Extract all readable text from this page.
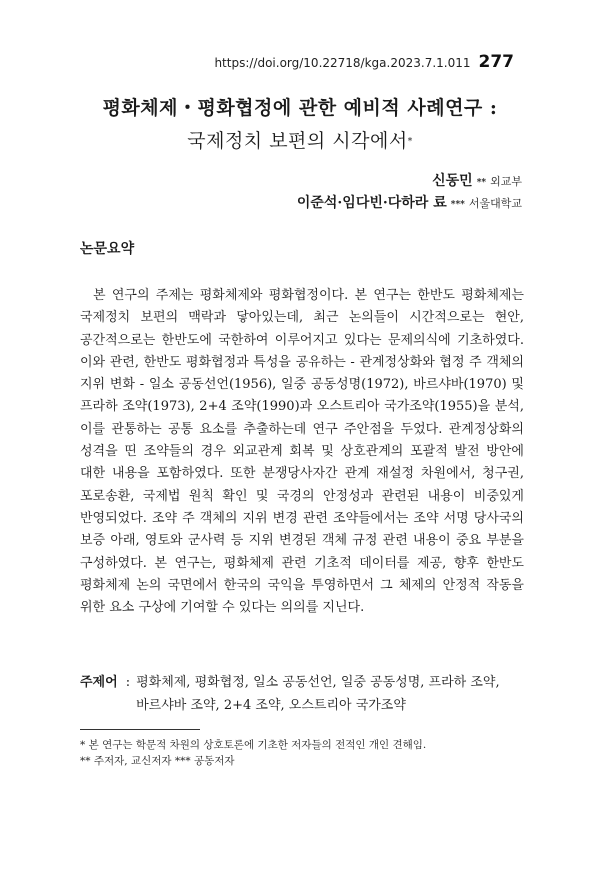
https://doi.org/10.22718/kga.2023.7.1.011 277
평화체제・평화협정에 관한 예비적 사례연구 :
국제정치 보편의 시각에서*
신동민 ** 외교부
이준석·임다빈·다하라 료 *** 서울대학교
논문요약

본 연구의 주제는 평화체제와 평화협정이다. 본 연구는 한반도 평화체제는 국제정치 보편의 맥락과 닿아있는데, 최근 논의들이 시간적으로는 현안, 공간적으로는 한반도에 국한하여 이루어지고 있다는 문제의식에 기초하였다. 이와 관련, 한반도 평화협정과 특성을 공유하는 - 관계정상화와 협정 주 객체의 지위 변화 - 일소 공동선언(1956), 일중 공동성명(1972), 바르샤바(1970) 및 프라하 조약(1973), 2+4 조약(1990)과 오스트리아 국가조약(1955)을 분석, 이를 관통하는 공통 요소를 추출하는데 연구 주안점을 두었다. 관계정상화의 성격을 띤 조약들의 경우 외교관계 회복 및 상호관계의 포괄적 발전 방안에 대한 내용을 포함하였다. 또한 분쟁당사자간 관계 재설정 차원에서, 청구권, 포로송환, 국제법 원칙 확인 및 국경의 안정성과 관련된 내용이 비중있게 반영되었다. 조약 주 객체의 지위 변경 관련 조약들에서는 조약 서명 당사국의 보증 아래, 영토와 군사력 등 지위 변경된 객체 규정 관련 내용이 중요 부분을 구성하였다. 본 연구는, 평화체제 관련 기초적 데이터를 제공, 향후 한반도 평화체제 논의 국면에서 한국의 국익을 투영하면서 그 체제의 안정적 작동을 위한 요소 구상에 기여할 수 있다는 의의를 지닌다.

주제어 : 평화체제, 평화협정, 일소 공동선언, 일중 공동성명, 프라하 조약, 바르샤바 조약, 2+4 조약, 오스트리아 국가조약
* 본 연구는 학문적 차원의 상호토론에 기초한 저자들의 전적인 개인 견해임.
** 주저자, 교신저자 *** 공동저자
